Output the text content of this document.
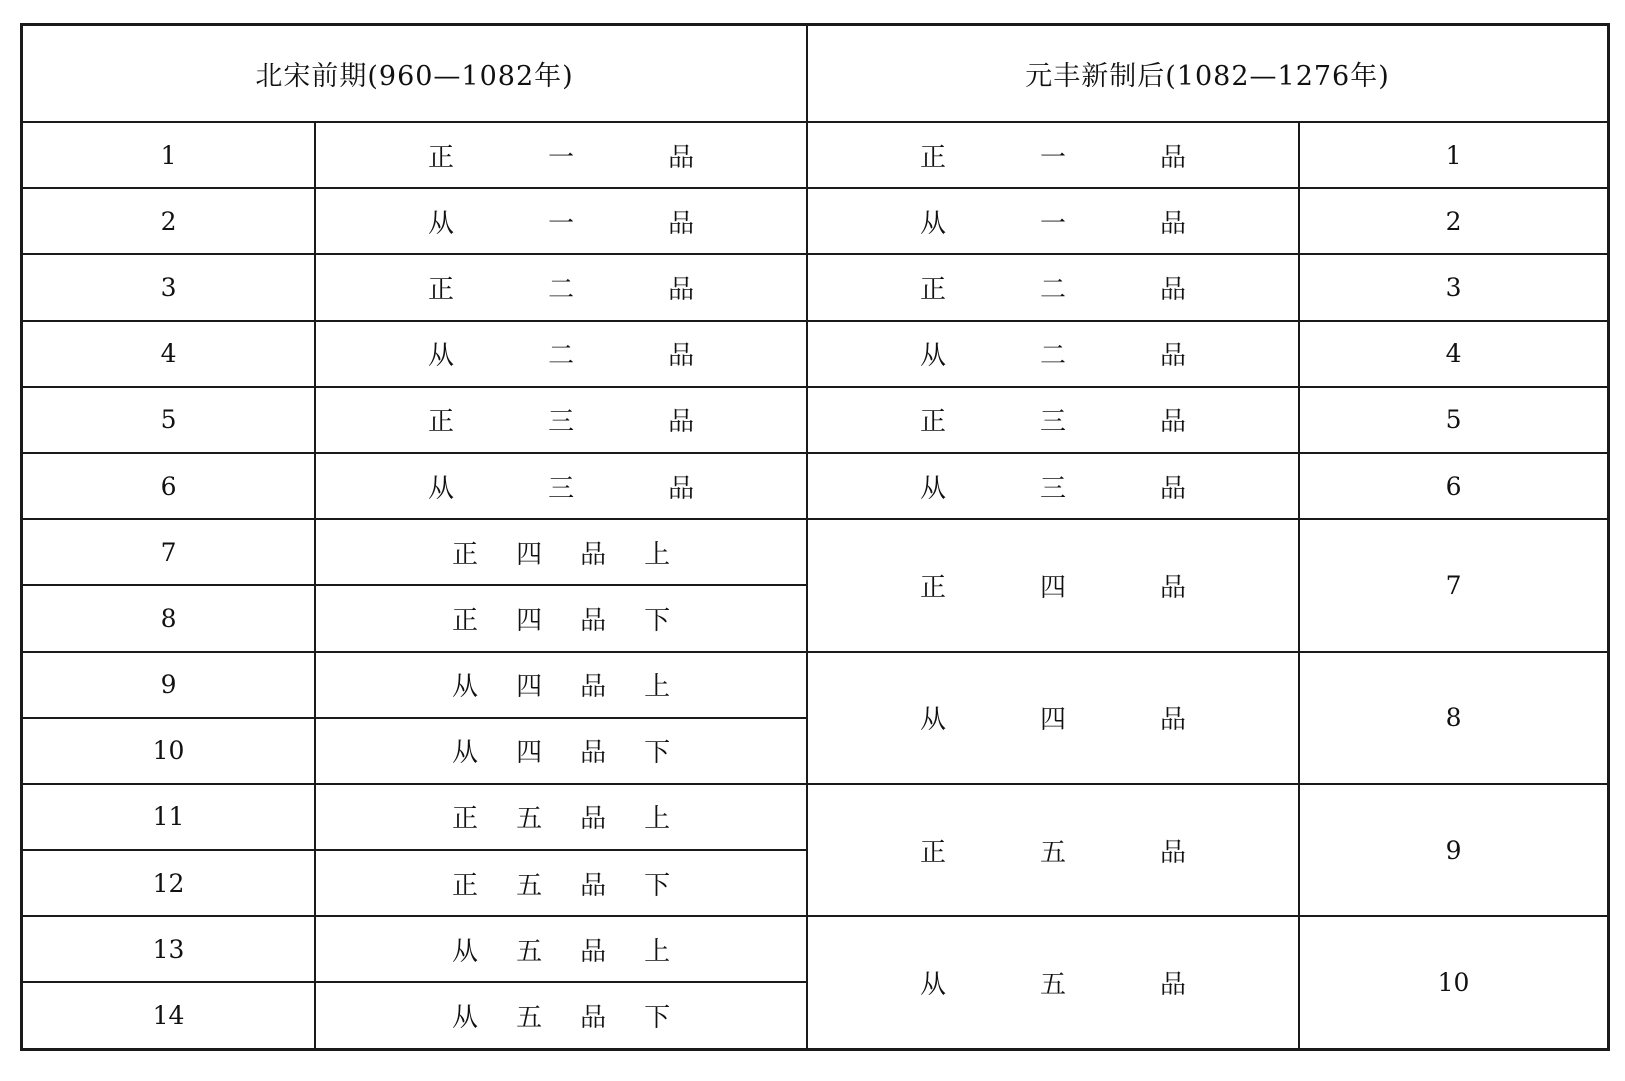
北宋前期(960—1082年)		元丰新制后(1082—1276年)	
1	正 一 品	正 一 品	1
2	从 一 品	从 一 品	2
3	正 二 品	正 二 品	3
4	从 二 品	从 二 品	4
5	正 三 品	正 三 品	5
6	从 三 品	从 三 品	6
7	正 四 品 上	正 四 品	7
8	正 四 品 下		

9	从 四 品 上	从 四 品	8
10	从 四 品 下		

11	正 五 品 上	正 五 品	9
12	正 五 品 下		

13	从 五 品 上	从 五 品	10
14	从 五 品 下		
